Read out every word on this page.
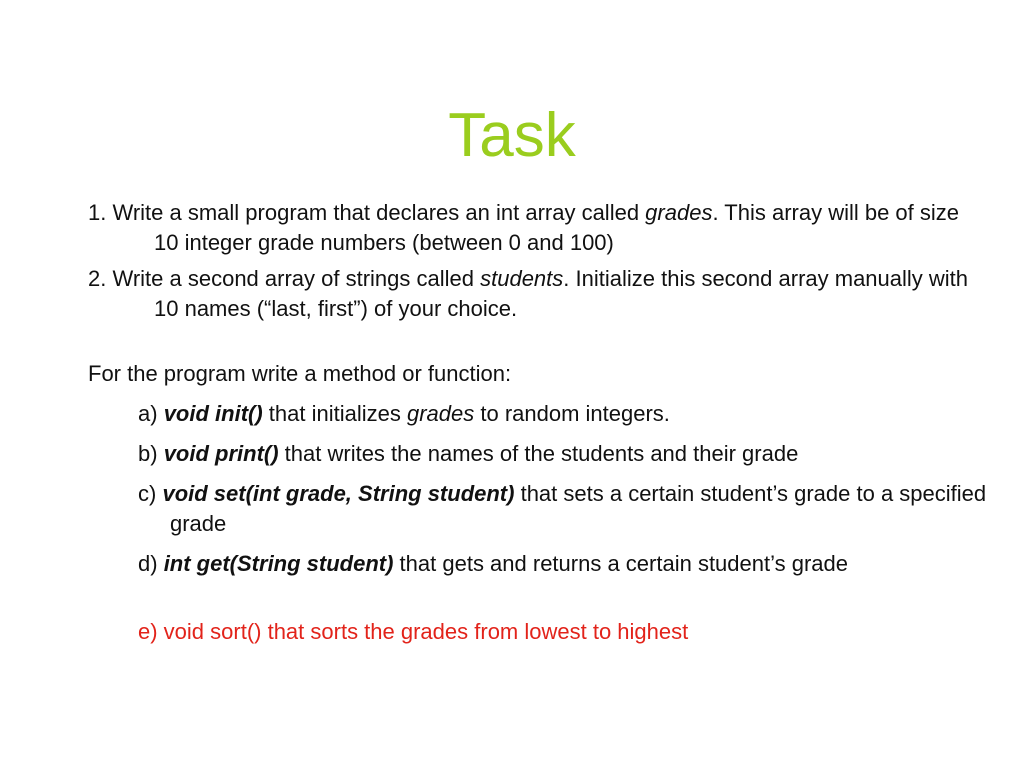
Task

1. Write a small program that declares an int array called grades. This array will be of size 10 integer grade numbers (between 0 and 100)

2. Write a second array of strings called students. Initialize this second array manually with 10 names (“last, first”) of your choice.

For the program write a method or function:

a) void init() that initializes grades to random integers.

b) void print() that writes the names of the students and their grade

c) void set(int grade, String student) that sets a certain student’s grade to a specified grade

d) int get(String student) that gets and returns a certain student’s grade

e) void sort() that sorts the grades from lowest to highest
